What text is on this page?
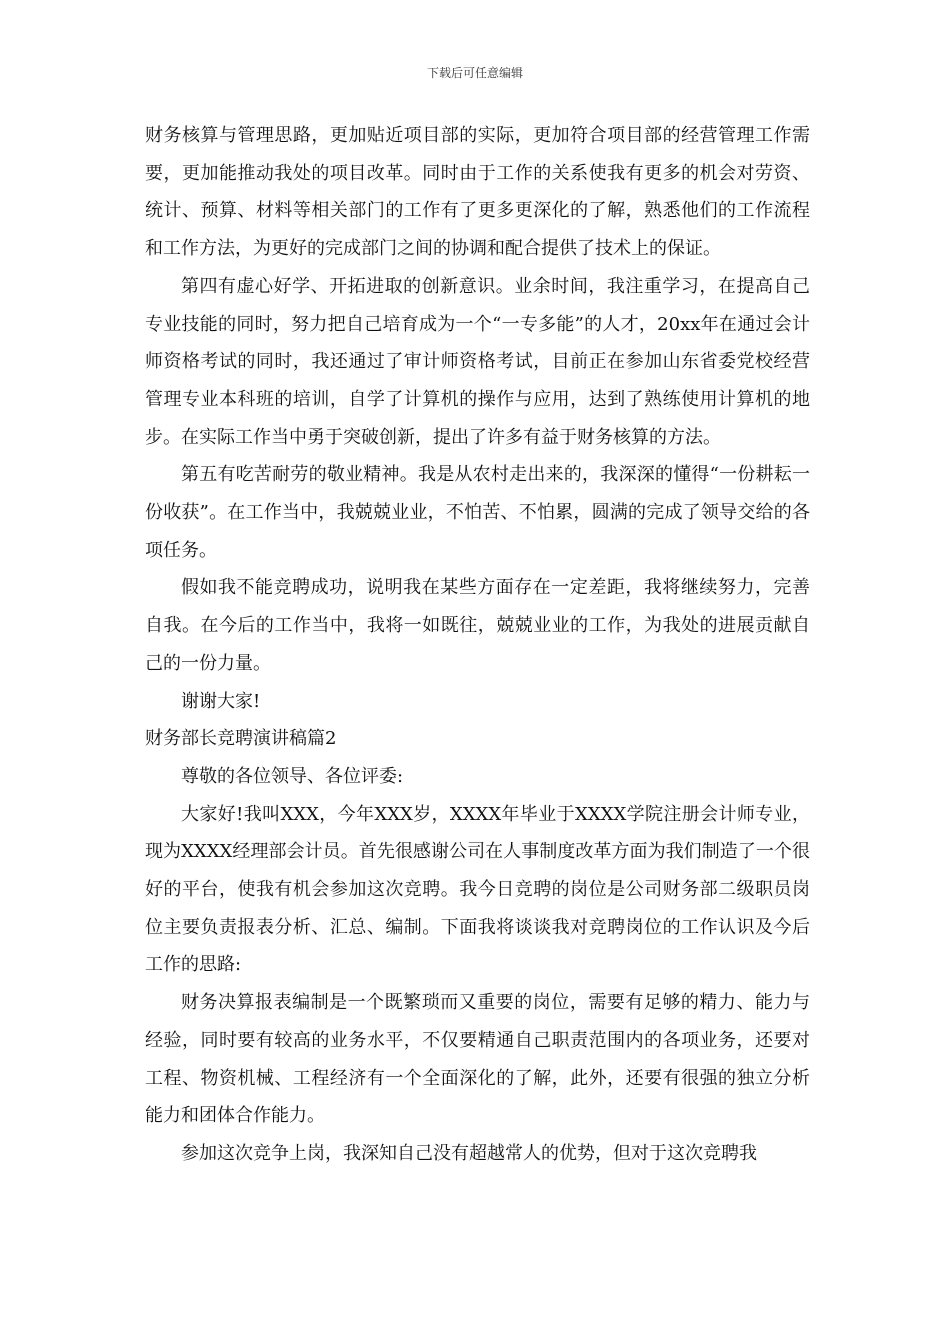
下载后可任意编辑

财务核算与管理思路，更加贴近项目部的实际，更加符合项目部的经营管理工作需要，更加能推动我处的项目改革。同时由于工作的关系使我有更多的机会对劳资、统计、预算、材料等相关部门的工作有了更多更深化的了解，熟悉他们的工作流程和工作方法，为更好的完成部门之间的协调和配合提供了技术上的保证。

第四有虚心好学、开拓进取的创新意识。业余时间，我注重学习，在提高自己专业技能的同时，努力把自己培育成为一个“一专多能”的人才，20xx年在通过会计师资格考试的同时，我还通过了审计师资格考试，目前正在参加山东省委党校经营管理专业本科班的培训，自学了计算机的操作与应用，达到了熟练使用计算机的地步。在实际工作当中勇于突破创新，提出了许多有益于财务核算的方法。

第五有吃苦耐劳的敬业精神。我是从农村走出来的，我深深的懂得“一份耕耘一份收获”。在工作当中，我兢兢业业，不怕苦、不怕累，圆满的完成了领导交给的各项任务。

假如我不能竞聘成功，说明我在某些方面存在一定差距，我将继续努力，完善自我。在今后的工作当中，我将一如既往，兢兢业业的工作，为我处的进展贡献自己的一份力量。

谢谢大家!

财务部长竞聘演讲稿篇2

尊敬的各位领导、各位评委:

大家好!我叫XXX，今年XXX岁，XXXX年毕业于XXXX学院注册会计师专业，现为XXXX经理部会计员。首先很感谢公司在人事制度改革方面为我们制造了一个很好的平台，使我有机会参加这次竞聘。我今日竞聘的岗位是公司财务部二级职员岗位主要负责报表分析、汇总、编制。下面我将谈谈我对竞聘岗位的工作认识及今后工作的思路:

财务决算报表编制是一个既繁琐而又重要的岗位，需要有足够的精力、能力与经验，同时要有较高的业务水平，不仅要精通自己职责范围内的各项业务，还要对工程、物资机械、工程经济有一个全面深化的了解，此外，还要有很强的独立分析能力和团体合作能力。

参加这次竞争上岗，我深知自己没有超越常人的优势，但对于这次竞聘我
